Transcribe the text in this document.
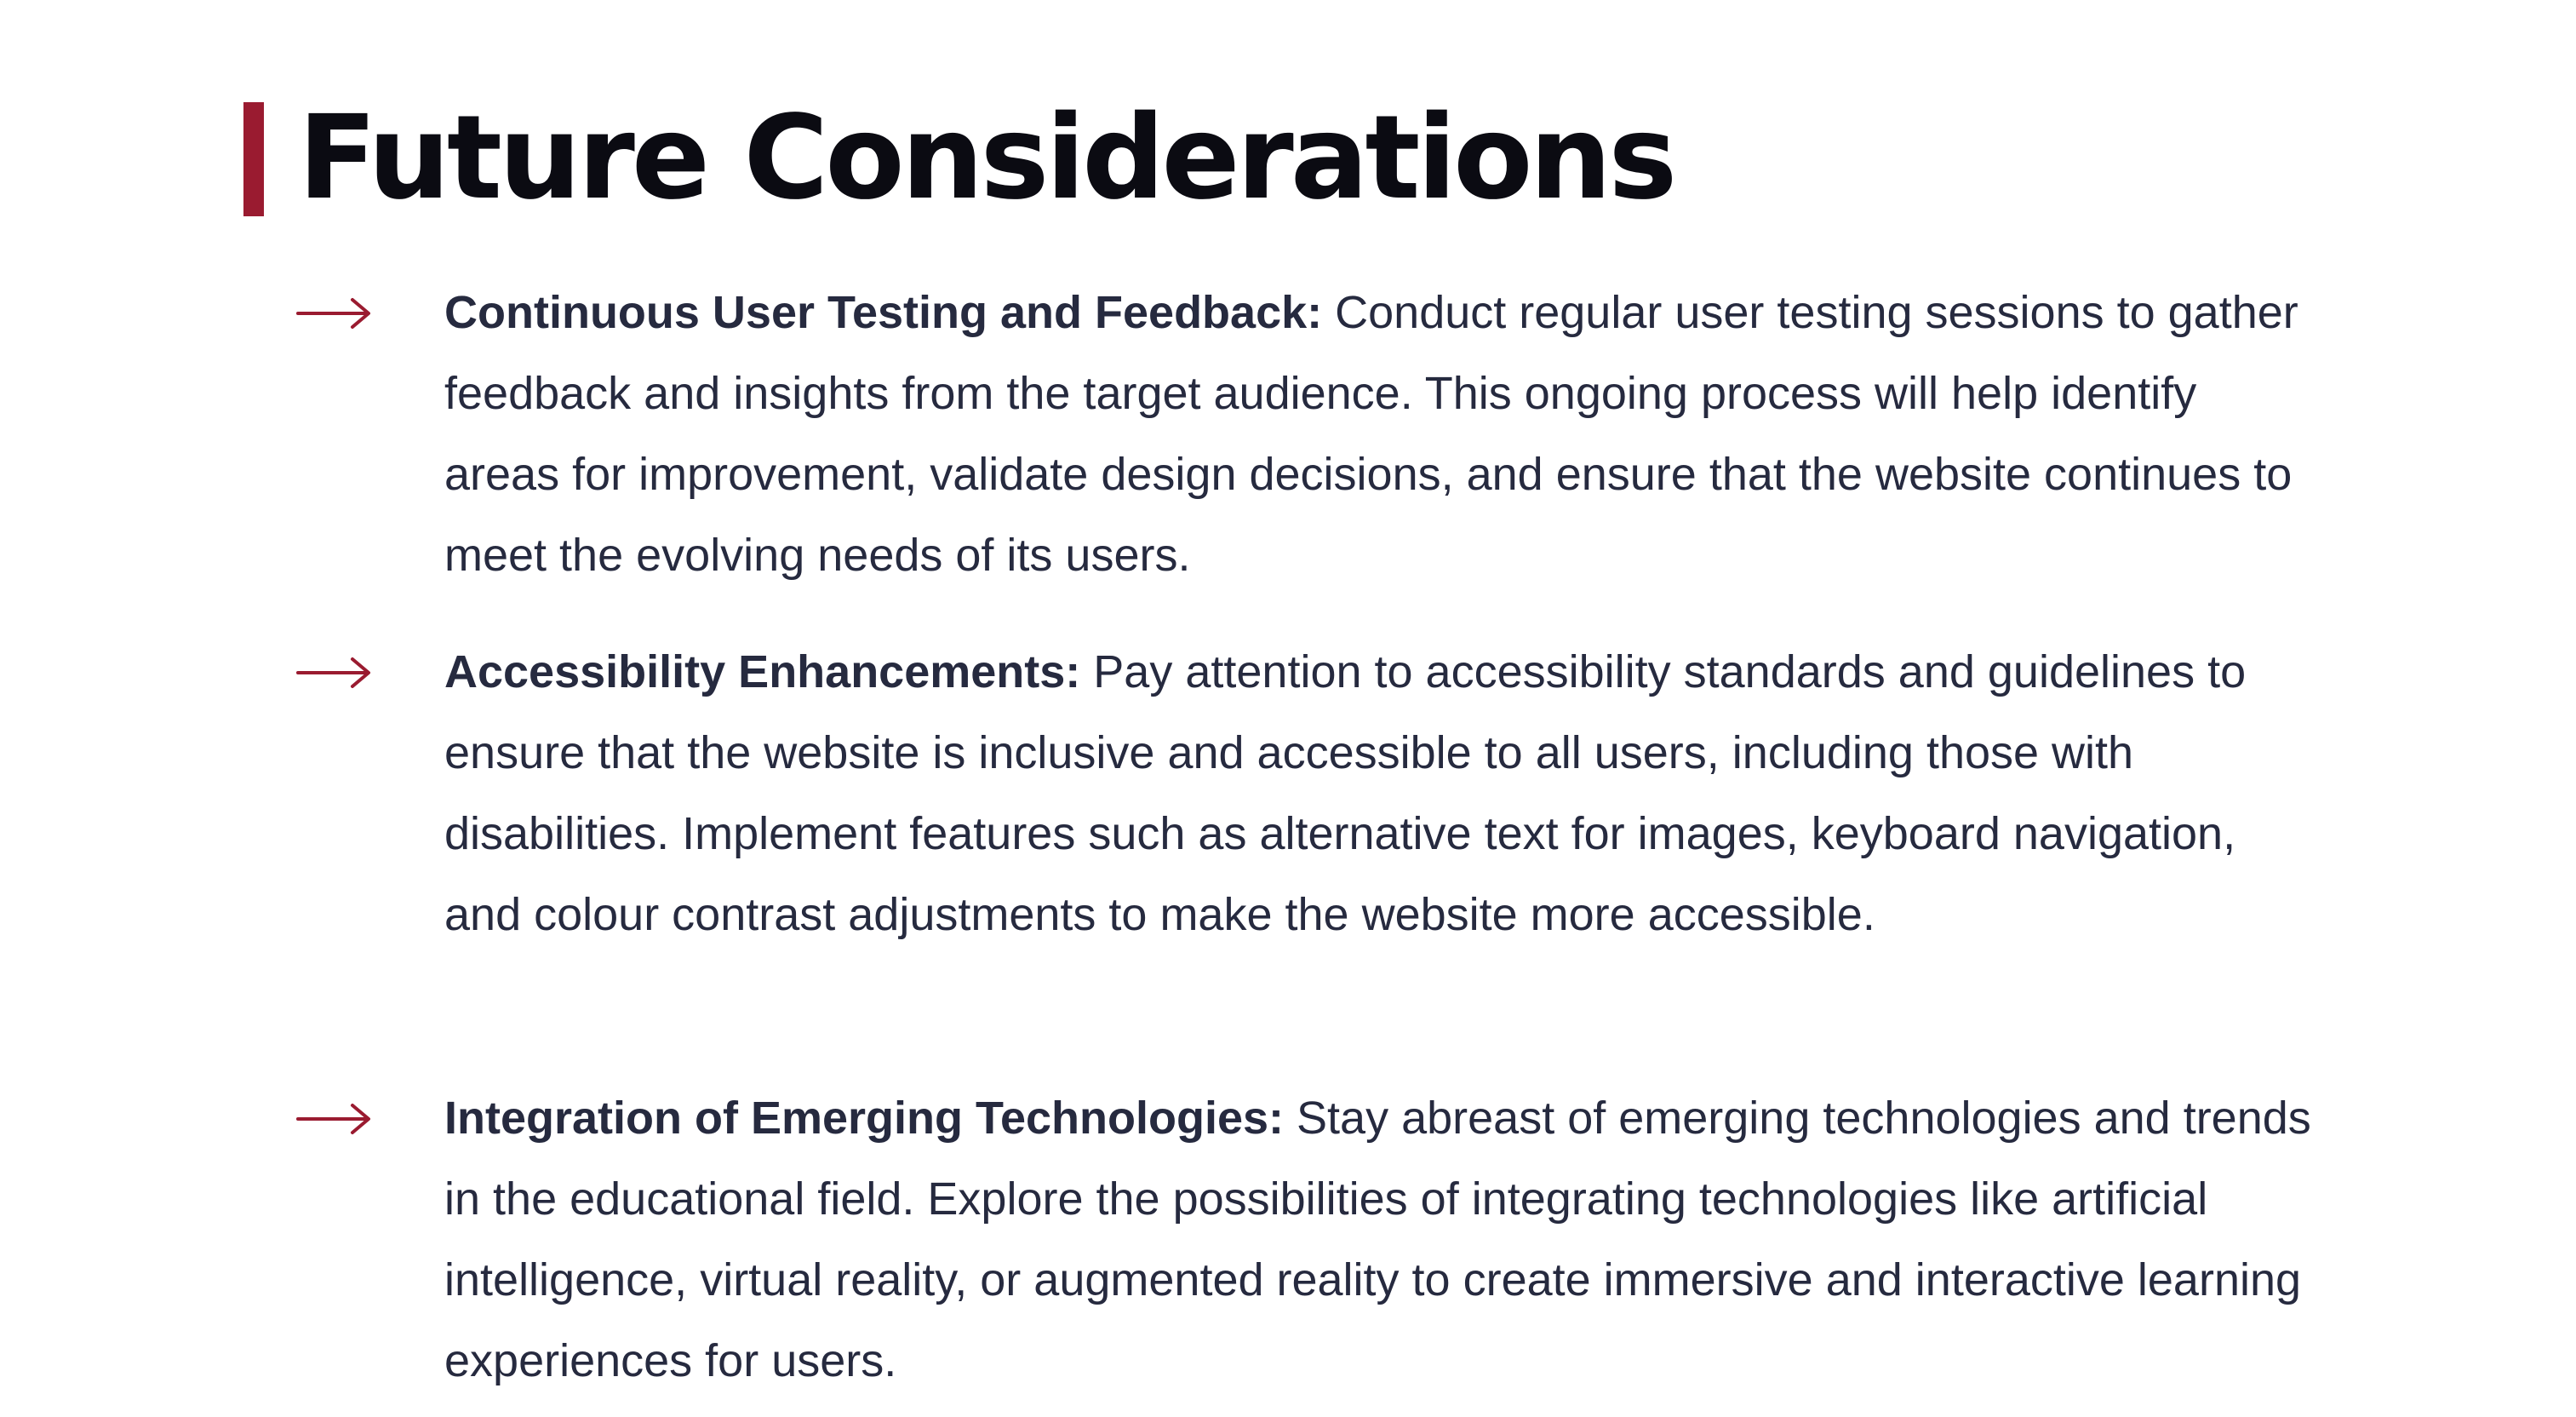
Future Considerations

Continuous User Testing and Feedback: Conduct regular user testing sessions to gather feedback and insights from the target audience. This ongoing process will help identify areas for improvement, validate design decisions, and ensure that the website continues to meet the evolving needs of its users.

Accessibility Enhancements: Pay attention to accessibility standards and guidelines to ensure that the website is inclusive and accessible to all users, including those with disabilities. Implement features such as alternative text for images, keyboard navigation, and colour contrast adjustments to make the website more accessible.

Integration of Emerging Technologies: Stay abreast of emerging technologies and trends in the educational field. Explore the possibilities of integrating technologies like artificial intelligence, virtual reality, or augmented reality to create immersive and interactive learning experiences for users.
